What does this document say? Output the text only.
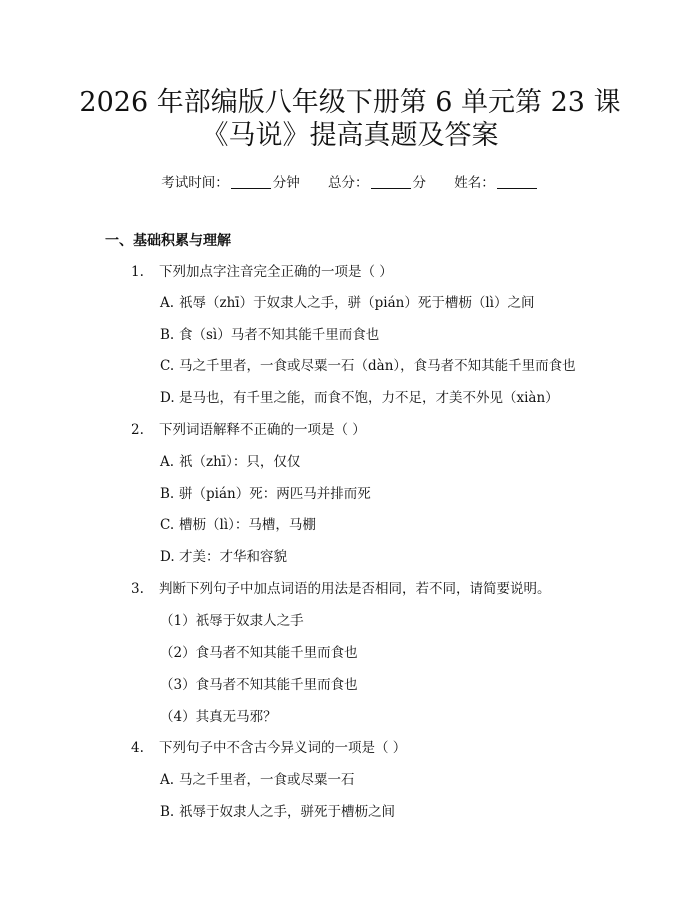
2026 年部编版八年级下册第 6 单元第 23 课
《马说》提高真题及答案
考试时间：	分钟 总分：	分 姓名：
一、基础积累与理解
1. 下列加点字注音完全正确的一项是（ ）
A. 祇辱（zhī）于奴隶人之手，骈（pián）死于槽枥（lì）之间
B. 食（sì）马者不知其能千里而食也
C. 马之千里者，一食或尽粟一石（dàn），食马者不知其能千里而食也
D. 是马也，有千里之能，而食不饱，力不足，才美不外见（xiàn）
2. 下列词语解释不正确的一项是（ ）
A. 祇（zhī）：只，仅仅
B. 骈（pián）死：两匹马并排而死
C. 槽枥（lì）：马槽，马棚
D. 才美：才华和容貌
3. 判断下列句子中加点词语的用法是否相同，若不同，请简要说明。
（1）祇辱于奴隶人之手
（2）食马者不知其能千里而食也
（3）食马者不知其能千里而食也
（4）其真无马邪？
4. 下列句子中不含古今异义词的一项是（ ）
A. 马之千里者，一食或尽粟一石
B. 祇辱于奴隶人之手，骈死于槽枥之间
